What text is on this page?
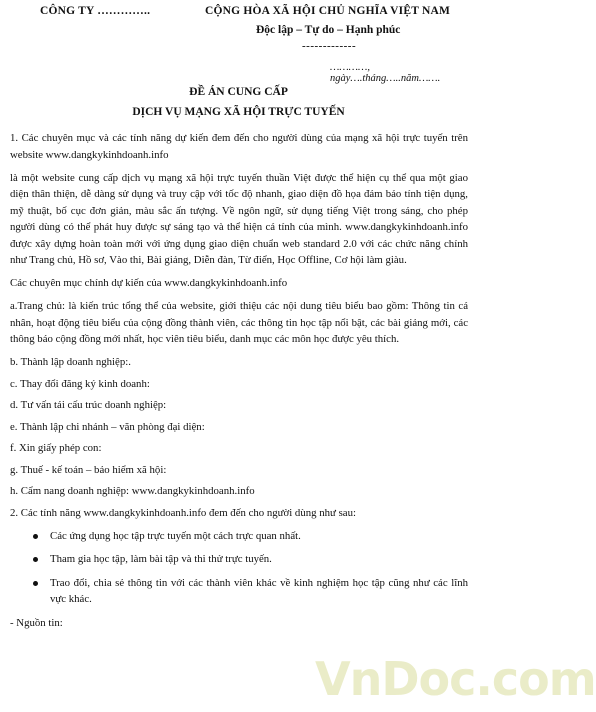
CÔNG TY …………..	CỘNG HÒA XÃ HỘI CHỦ NGHĨA VIỆT NAM
Độc lập – Tự do – Hạnh phúc
-------------
…………, ngày….tháng…..năm…….
ĐỀ ÁN CUNG CẤP
DỊCH VỤ MẠNG XÃ HỘI TRỰC TUYẾN

1. Các chuyên mục và các tính năng dự kiến đem đến cho người dùng của mạng xã hội trực tuyến trên website www.dangkykinhdoanh.info

là một website cung cấp dịch vụ mạng xã hội trực tuyến thuần Việt được thể hiện cụ thể qua một giao diện thân thiện, dễ dàng sử dụng và truy cập với tốc độ nhanh, giao diện đồ họa đảm bảo tính tiện dụng, mỹ thuật, bố cục đơn giản, màu sắc ấn tượng. Về ngôn ngữ, sử dụng tiếng Việt trong sáng, cho phép người dùng có thể phát huy được sự sáng tạo và thể hiện cá tính của mình. www.dangkykinhdoanh.info được xây dựng hoàn toàn mới với ứng dụng giao diện chuẩn web standard 2.0 với các chức năng chính như Trang chủ, Hồ sơ, Vào thi, Bài giảng, Diễn đàn, Từ điển, Học Offline, Cơ hội làm giàu.

Các chuyên mục chính dự kiến của www.dangkykinhdoanh.info

a.Trang chủ: là kiến trúc tổng thể của website, giới thiệu các nội dung tiêu biểu bao gồm: Thông tin cá nhân, hoạt động tiêu biểu của cộng đồng thành viên, các thông tin học tập nổi bật, các bài giảng mới, các thông báo cộng đồng mới nhất, học viên tiêu biểu, danh mục các môn học được yêu thích.

b. Thành lập doanh nghiệp:.

c. Thay đổi đăng ký kinh doanh:

d. Tư vấn tái cấu trúc doanh nghiệp:

e. Thành lập chi nhánh – văn phòng đại diện:

f. Xin giấy phép con:

g. Thuế - kế toán – bảo hiểm xã hội:

h. Cẩm nang doanh nghiệp: www.dangkykinhdoanh.info

2. Các tính năng www.dangkykinhdoanh.info đem đến cho người dùng như sau:

Các ứng dụng học tập trực tuyến một cách trực quan nhất.
Tham gia học tập, làm bài tập và thi thử trực tuyến.
Trao đổi, chia sẻ thông tin với các thành viên khác về kinh nghiệm học tập cũng như các lĩnh vực khác.

- Nguồn tin:

VnDoc.com
